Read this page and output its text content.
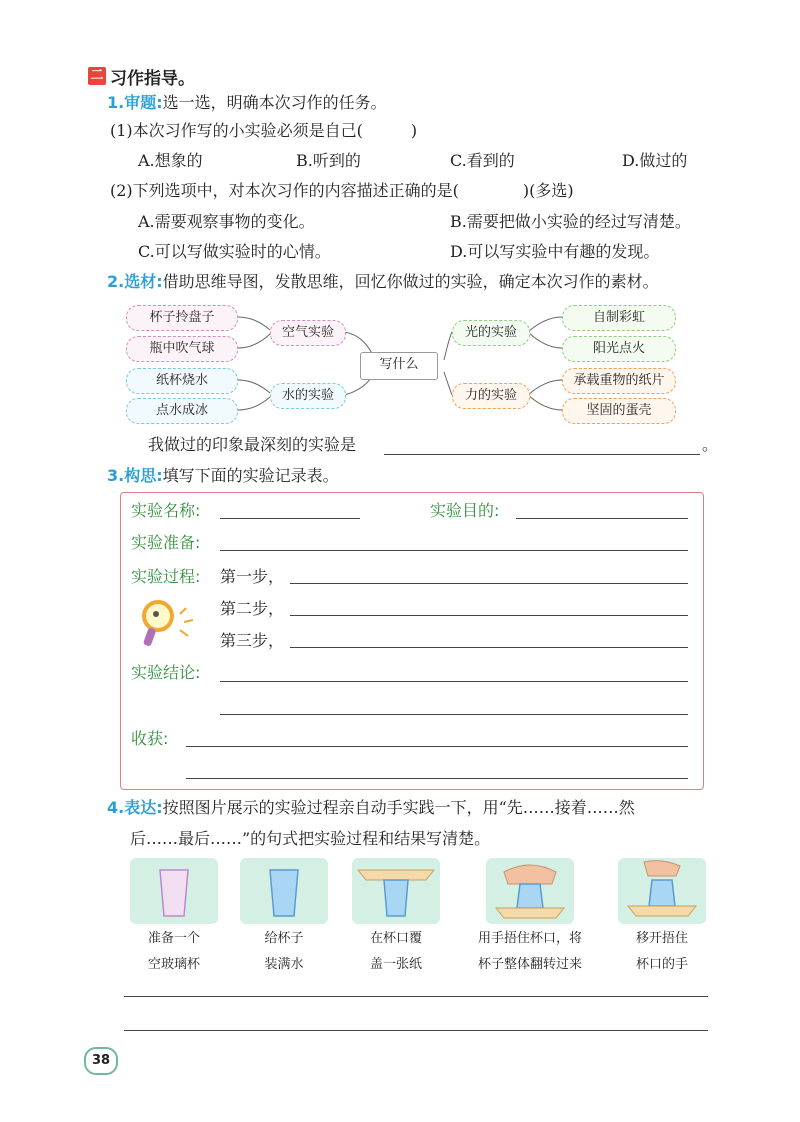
二 习作指导。
1.审题:选一选，明确本次习作的任务。
(1)本次习作写的小实验必须是自己(　　　)
A.想象的	B.听到的	C.看到的	D.做过的
(2)下列选项中，对本次习作的内容描述正确的是(　　　　)(多选)
A.需要观察事物的变化。	B.需要把做小实验的经过写清楚。
C.可以写做实验时的心情。	D.可以写实验中有趣的发现。
2.选材:借助思维导图，发散思维，回忆你做过的实验，确定本次习作的素材。
杯子拎盘子
瓶中吹气球
空气实验
纸杯烧水
点水成冰
水的实验
写什么
光的实验
自制彩虹
阳光点火
力的实验
承载重物的纸片
坚固的蛋壳
我做过的印象最深刻的实验是	。
3.构思:填写下面的实验记录表。
实验名称:	实验目的:
实验准备:
实验过程: 第一步，
第二步，
第三步，
实验结论:
收获:
4.表达:按照图片展示的实验过程亲自动手实践一下，用“先……接着……然
后……最后……”的句式把实验过程和结果写清楚。
准备一个
空玻璃杯
给杯子
装满水
在杯口覆
盖一张纸
用手捂住杯口，将
杯子整体翻转过来
移开捂住
杯口的手
38
